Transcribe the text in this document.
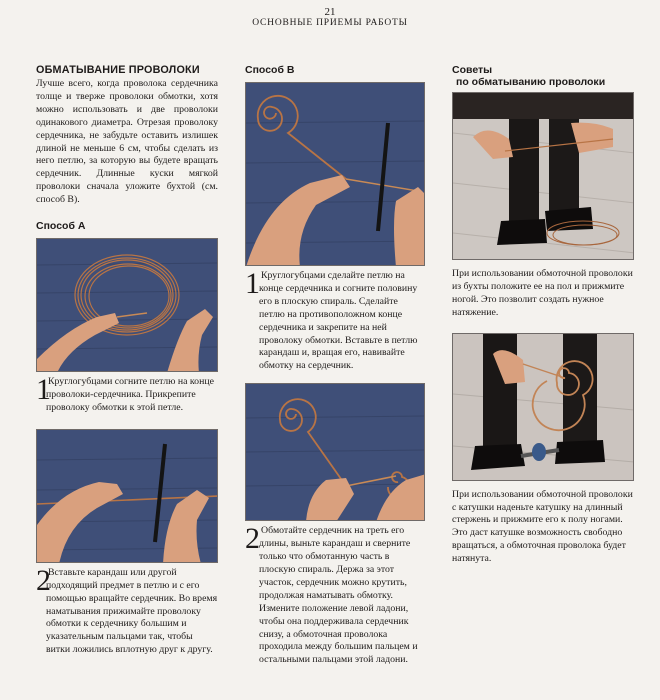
21
ОСНОВНЫЕ ПРИЕМЫ РАБОТЫ
ОБМАТЫВАНИЕ ПРОВОЛОКИ
Лучше всего, когда проволока сердечника толще и тверже проволоки обмотки, хотя можно использовать и две проволоки одинакового диаметра. Отрезая проволоку сердечника, не забудьте оставить излишек длиной не меньше 6 см, чтобы сделать из него петлю, за которую вы будете вращать сердечник. Длинные куски мягкой проволоки сначала уложите бухтой (см. способ В).
Способ А
1
Круглогубцами согните петлю на конце проволоки-сердечника. Прикрепите проволоку обмотки к этой петле.
2
Вставьте карандаш или другой подходящий предмет в петлю и с его помощью вращайте сердечник. Во время наматывания прижимайте проволоку обмотки к сердечнику большим и указательным пальцами так, чтобы витки ложились вплотную друг к другу.
Способ В
1 Круглогубцами сделайте петлю на конце сердечника и согните половину его в плоскую спираль. Сделайте петлю на противоположном конце сердечника и закрепите на ней проволоку обмотки. Вставьте в петлю карандаш и, вращая его, навивайте обмотку на сердечник.
2 Обмотайте сердечник на треть его длины, выньте карандаш и сверните только что обмотанную часть в плоскую спираль. Держа за этот участок, сердечник можно крутить, продолжая наматывать обмотку. Измените положение левой ладони, чтобы она поддерживала сердечник снизу, а обмоточная проволока проходила между большим пальцем и остальными пальцами этой ладони.
Советы
по обматыванию проволоки
При использовании обмоточной проволоки из бухты положите ее на пол и прижмите ногой. Это позволит создать нужное натяжение.
При использовании обмоточной проволоки с катушки наденьте катушку на длинный стержень и прижмите его к полу ногами. Это даст катушке возможность свободно вращаться, а обмоточная проволока будет натянута.
